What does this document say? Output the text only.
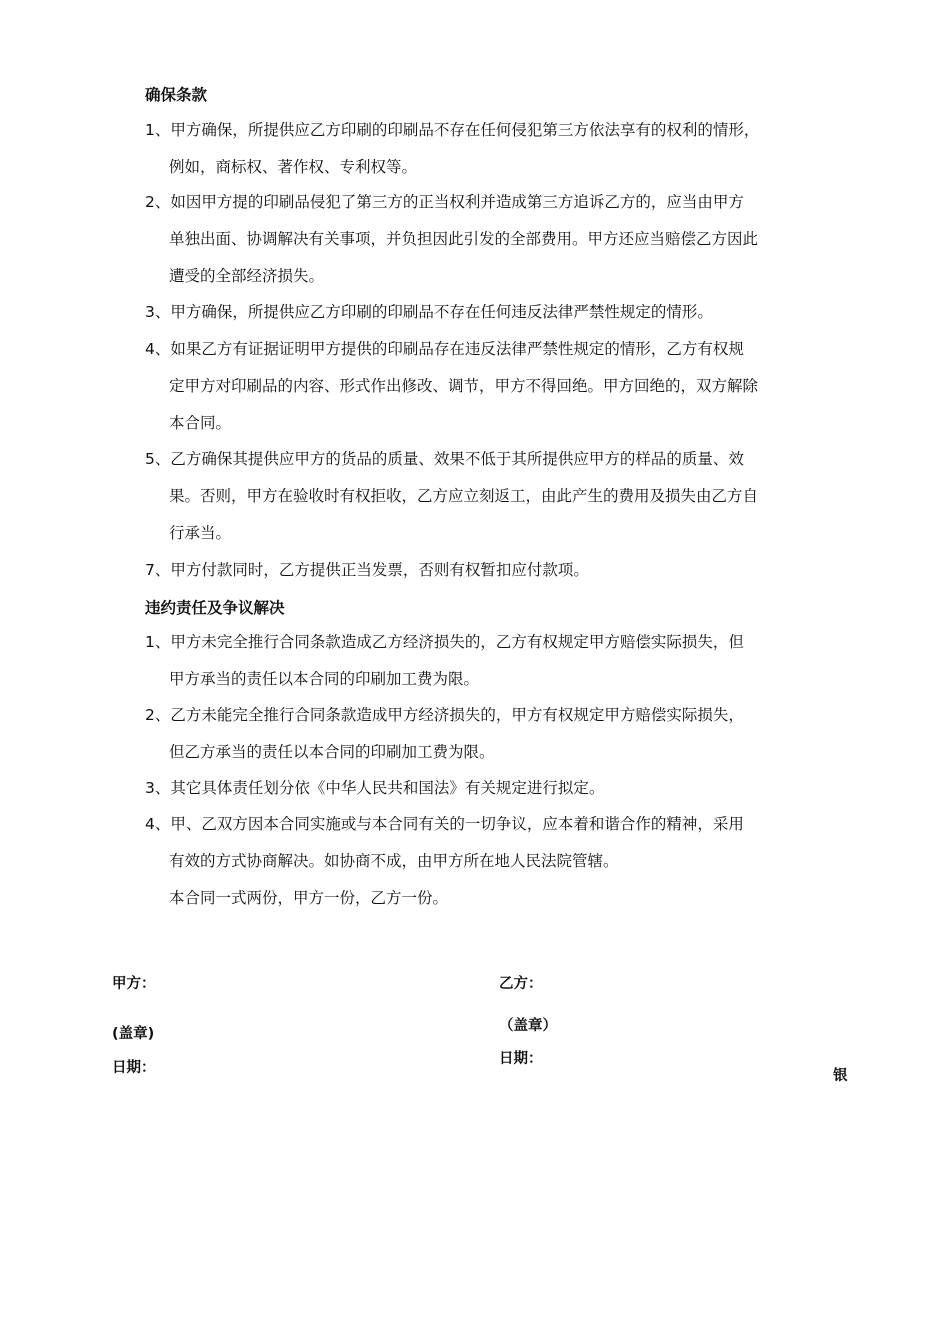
确保条款
1、甲方确保，所提供应乙方印刷的印刷品不存在任何侵犯第三方依法享有的权利的情形，
例如，商标权、著作权、专利权等。
2、如因甲方提的印刷品侵犯了第三方的正当权利并造成第三方追诉乙方的，应当由甲方
单独出面、协调解决有关事项，并负担因此引发的全部费用。甲方还应当赔偿乙方因此
遭受的全部经济损失。
3、甲方确保，所提供应乙方印刷的印刷品不存在任何违反法律严禁性规定的情形。
4、如果乙方有证据证明甲方提供的印刷品存在违反法律严禁性规定的情形，乙方有权规
定甲方对印刷品的内容、形式作出修改、调节，甲方不得回绝。甲方回绝的，双方解除
本合同。
5、乙方确保其提供应甲方的货品的质量、效果不低于其所提供应甲方的样品的质量、效
果。否则，甲方在验收时有权拒收，乙方应立刻返工，由此产生的费用及损失由乙方自
行承当。
7、甲方付款同时，乙方提供正当发票，否则有权暂扣应付款项。
违约责任及争议解决
1、甲方未完全推行合同条款造成乙方经济损失的，乙方有权规定甲方赔偿实际损失，但
甲方承当的责任以本合同的印刷加工费为限。
2、乙方未能完全推行合同条款造成甲方经济损失的，甲方有权规定甲方赔偿实际损失，
但乙方承当的责任以本合同的印刷加工费为限。
3、其它具体责任划分依《中华人民共和国法》有关规定进行拟定。
4、甲、乙双方因本合同实施或与本合同有关的一切争议，应本着和谐合作的精神，采用
有效的方式协商解决。如协商不成，由甲方所在地人民法院管辖。
本合同一式两份，甲方一份，乙方一份。
甲方：
(盖章)
日期：
乙方：
（盖章）
日期：
银
